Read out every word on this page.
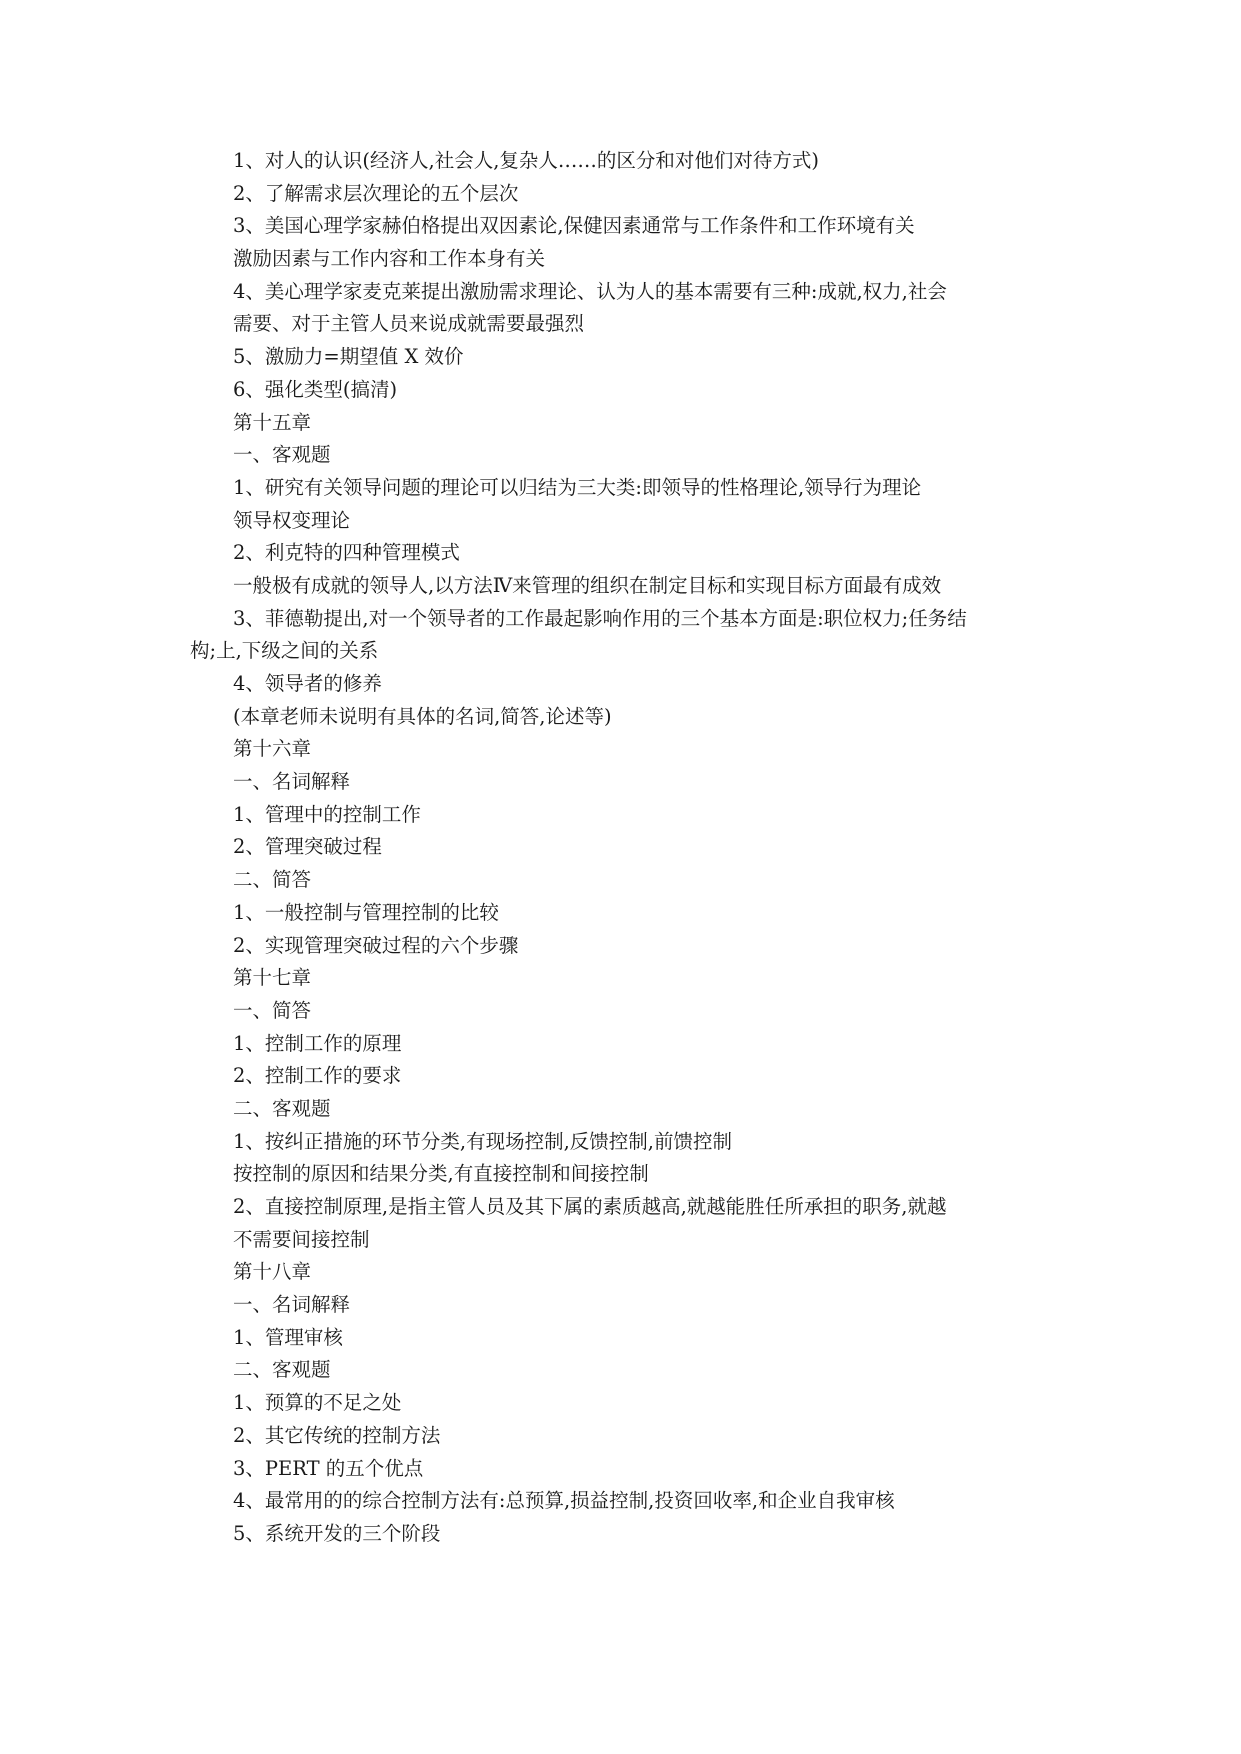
1、对人的认识(经济人,社会人,复杂人……的区分和对他们对待方式)
2、了解需求层次理论的五个层次
3、美国心理学家赫伯格提出双因素论,保健因素通常与工作条件和工作环境有关
激励因素与工作内容和工作本身有关
4、美心理学家麦克莱提出激励需求理论、认为人的基本需要有三种:成就,权力,社会
需要、对于主管人员来说成就需要最强烈
5、激励力=期望值 X 效价
6、强化类型(搞清)
第十五章
一、客观题
1、研究有关领导问题的理论可以归结为三大类:即领导的性格理论,领导行为理论
领导权变理论
2、利克特的四种管理模式
一般极有成就的领导人,以方法Ⅳ来管理的组织在制定目标和实现目标方面最有成效
3、菲德勒提出,对一个领导者的工作最起影响作用的三个基本方面是:职位权力;任务结
构;上,下级之间的关系
4、领导者的修养
(本章老师未说明有具体的名词,简答,论述等)
第十六章
一、名词解释
1、管理中的控制工作
2、管理突破过程
二、简答
1、一般控制与管理控制的比较
2、实现管理突破过程的六个步骤
第十七章
一、简答
1、控制工作的原理
2、控制工作的要求
二、客观题
1、按纠正措施的环节分类,有现场控制,反馈控制,前馈控制
按控制的原因和结果分类,有直接控制和间接控制
2、直接控制原理,是指主管人员及其下属的素质越高,就越能胜任所承担的职务,就越
不需要间接控制
第十八章
一、名词解释
1、管理审核
二、客观题
1、预算的不足之处
2、其它传统的控制方法
3、PERT 的五个优点
4、最常用的的综合控制方法有:总预算,损益控制,投资回收率,和企业自我审核
5、系统开发的三个阶段
